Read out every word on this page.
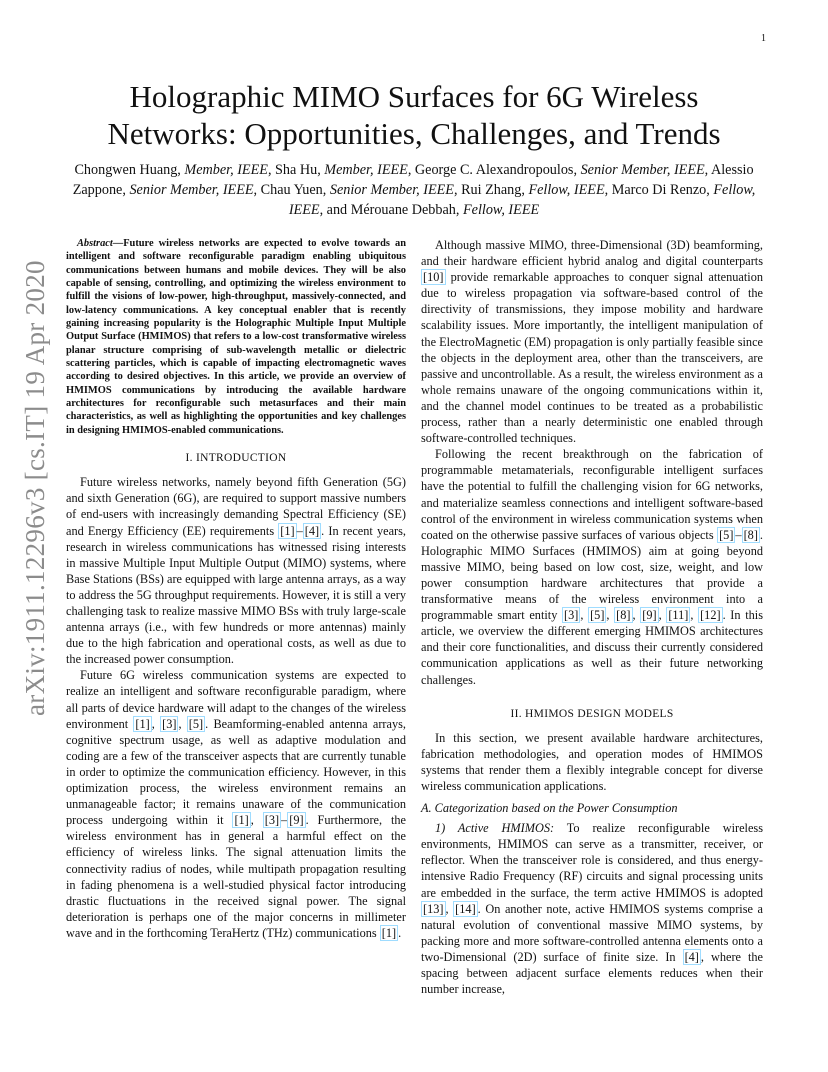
1
arXiv:1911.12296v3 [cs.IT] 19 Apr 2020
Holographic MIMO Surfaces for 6G Wireless
Networks: Opportunities, Challenges, and Trends

Chongwen Huang, Member, IEEE, Sha Hu, Member, IEEE, George C. Alexandropoulos, Senior Member, IEEE, Alessio Zappone, Senior Member, IEEE, Chau Yuen, Senior Member, IEEE, Rui Zhang, Fellow, IEEE, Marco Di Renzo, Fellow, IEEE, and Mérouane Debbah, Fellow, IEEE

Abstract—Future wireless networks are expected to evolve towards an intelligent and software reconfigurable paradigm enabling ubiquitous communications between humans and mobile devices. They will be also capable of sensing, controlling, and optimizing the wireless environment to fulfill the visions of low-power, high-throughput, massively-connected, and low-latency communications. A key conceptual enabler that is recently gaining increasing popularity is the Holographic Multiple Input Multiple Output Surface (HMIMOS) that refers to a low-cost transformative wireless planar structure comprising of sub-wavelength metallic or dielectric scattering particles, which is capable of impacting electromagnetic waves according to desired objectives. In this article, we provide an overview of HMIMOS communications by introducing the available hardware architectures for reconfigurable such metasurfaces and their main characteristics, as well as highlighting the opportunities and key challenges in designing HMIMOS-enabled communications.

I. INTRODUCTION

Future wireless networks, namely beyond fifth Generation (5G) and sixth Generation (6G), are required to support massive numbers of end-users with increasingly demanding Spectral Efficiency (SE) and Energy Efficiency (EE) requirements [1] – [4] . In recent years, research in wireless communications has witnessed rising interests in massive Multiple Input Multiple Output (MIMO) systems, where Base Stations (BSs) are equipped with large antenna arrays, as a way to address the 5G throughput requirements. However, it is still a very challenging task to realize massive MIMO BSs with truly large-scale antenna arrays (i.e., with few hundreds or more antennas) mainly due to the high fabrication and operational costs, as well as due to the increased power consumption.

Future 6G wireless communication systems are expected to realize an intelligent and software reconfigurable paradigm, where all parts of device hardware will adapt to the changes of the wireless environment [1] , [3] , [5] . Beamforming-enabled antenna arrays, cognitive spectrum usage, as well as adaptive modulation and coding are a few of the transceiver aspects that are currently tunable in order to optimize the communication efficiency. However, in this optimization process, the wireless environment remains an unmanageable factor; it remains unaware of the communication process undergoing within it [1] , [3] – [9] . Furthermore, the wireless environment has in general a harmful effect on the efficiency of wireless links. The signal attenuation limits the connectivity radius of nodes, while multipath propagation resulting in fading phenomena is a well-studied physical factor introducing drastic fluctuations in the received signal power. The signal deterioration is perhaps one of the major concerns in millimeter wave and in the forthcoming TeraHertz (THz) communications [1] .

Although massive MIMO, three-Dimensional (3D) beamforming, and their hardware efficient hybrid analog and digital counterparts [10] provide remarkable approaches to conquer signal attenuation due to wireless propagation via software-based control of the directivity of transmissions, they impose mobility and hardware scalability issues. More importantly, the intelligent manipulation of the ElectroMagnetic (EM) propagation is only partially feasible since the objects in the deployment area, other than the transceivers, are passive and uncontrollable. As a result, the wireless environment as a whole remains unaware of the ongoing communications within it, and the channel model continues to be treated as a probabilistic process, rather than a nearly deterministic one enabled through software-controlled techniques.

Following the recent breakthrough on the fabrication of programmable metamaterials, reconfigurable intelligent surfaces have the potential to fulfill the challenging vision for 6G networks, and materialize seamless connections and intelligent software-based control of the environment in wireless communication systems when coated on the otherwise passive surfaces of various objects [5] – [8] . Holographic MIMO Surfaces (HMIMOS) aim at going beyond massive MIMO, being based on low cost, size, weight, and low power consumption hardware architectures that provide a transformative means of the wireless environment into a programmable smart entity [3] , [5] , [8] , [9] , [11] , [12] . In this article, we overview the different emerging HMIMOS architectures and their core functionalities, and discuss their currently considered communication applications as well as their future networking challenges.

II. HMIMOS DESIGN MODELS

In this section, we present available hardware architectures, fabrication methodologies, and operation modes of HMIMOS systems that render them a flexibly integrable concept for diverse wireless communication applications.

A. Categorization based on the Power Consumption

1) Active HMIMOS: To realize reconfigurable wireless environments, HMIMOS can serve as a transmitter, receiver, or reflector. When the transceiver role is considered, and thus energy-intensive Radio Frequency (RF) circuits and signal processing units are embedded in the surface, the term active HMIMOS is adopted [13] , [14] . On another note, active HMIMOS systems comprise a natural evolution of conventional massive MIMO systems, by packing more and more software-controlled antenna elements onto a two-Dimensional (2D) surface of finite size. In [4] , where the spacing between adjacent surface elements reduces when their number increase,
